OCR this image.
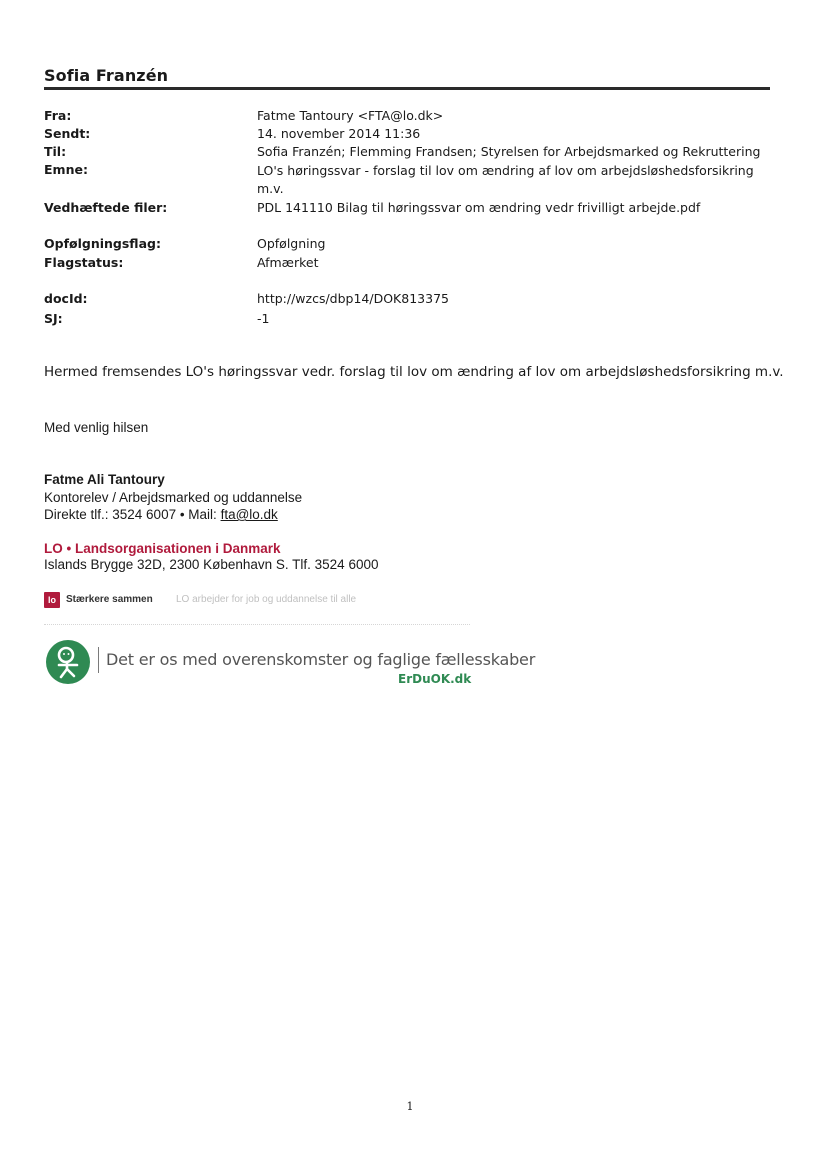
Sofia Franzén
Fra:	Fatme Tantoury <FTA@lo.dk>
Sendt:	14. november 2014 11:36
Til:	Sofia Franzén; Flemming Frandsen; Styrelsen for Arbejdsmarked og Rekruttering
Emne:	LO's høringssvar - forslag til lov om ændring af lov om arbejdsløshedsforsikring m.v.
Vedhæftede filer:	PDL 141110 Bilag til høringssvar om ændring vedr frivilligt arbejde.pdf
Opfølgningsflag:	Opfølgning
Flagstatus:	Afmærket
docId:	http://wzcs/dbp14/DOK813375
SJ:	-1
Hermed fremsendes LO's høringssvar vedr. forslag til lov om ændring af lov om arbejdsløshedsforsikring m.v.
Med venlig hilsen
Fatme Ali Tantoury
Kontorelev / Arbejdsmarked og uddannelse
Direkte tlf.: 3524 6007 • Mail: fta@lo.dk
LO • Landsorganisationen i Danmark
Islands Brygge 32D, 2300 København S. Tlf. 3524 6000
lo	Stærkere sammen LO arbejder for job og uddannelse til alle
Det er os med overenskomster og faglige fællesskaber
ErDuOK.dk
1
